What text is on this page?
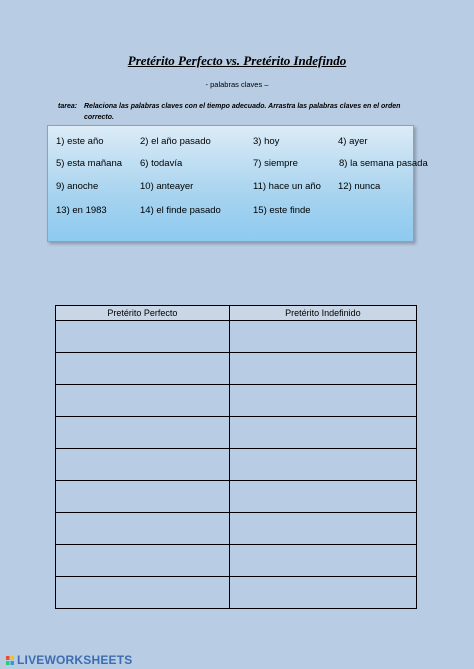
Pretérito Perfecto vs. Pretérito Indefindo
- palabras claves –
tarea: Relaciona las palabras claves con el tiempo adecuado. Arrastra las palabras claves en el orden correcto.
1) este año	2) el año pasado	3) hoy	4) ayer
5) esta mañana 6) todavía	7) siempre	8) la semana pasada
9) anoche	10) anteayer	11) hace un año 12) nunca
13) en 1983	14) el finde pasado	15) este finde
Pretérito Perfecto	Pretérito Indefinido

LIVEWORKSHEETS
